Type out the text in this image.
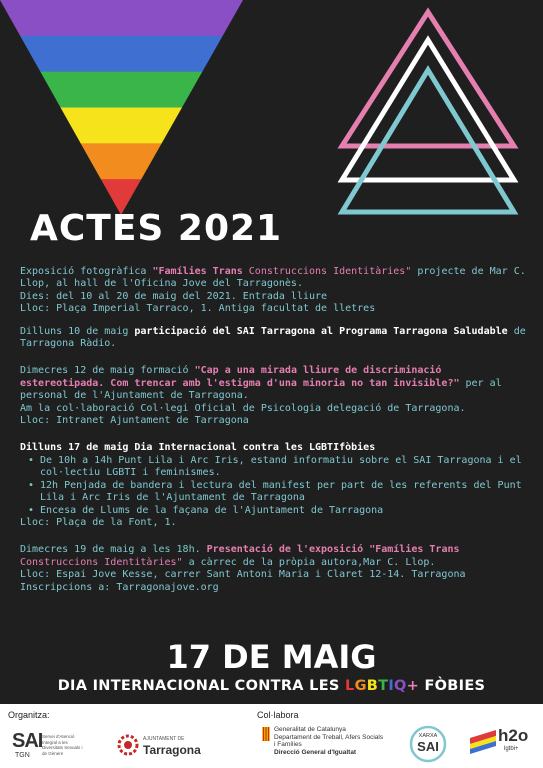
ACTES 2021

Exposició fotogràfica "Famílies Trans Construccions Identitàries" projecte de Mar C. Llop, al hall de l'Oficina Jove del Tarragonès.

Dies: del 10 al 20 de maig del 2021. Entrada lliure

Lloc: Plaça Imperial Tarraco, 1. Antiga facultat de lletres

Dilluns 10 de maig participació del SAI Tarragona al Programa Tarragona Saludable de Tarragona Ràdio.

Dimecres 12 de maig formació "Cap a una mirada lliure de discriminació estereotipada. Com trencar amb l'estigma d'una minoria no tan invisible?" per al personal de l'Ajuntament de Tarragona.

Am la col·laboració Col·legi Oficial de Psicologia delegació de Tarragona.

Lloc: Intranet Ajuntament de Tarragona

Dilluns 17 de maig Dia Internacional contra les LGBTIfòbies

• De 10h a 14h Punt Lila i Arc Iris, estand informatiu sobre el SAI Tarragona i el col·lectiu LGBTI i feminismes.
• 12h Penjada de bandera i lectura del manifest per part de les referents del Punt Lila i Arc Iris de l'Ajuntament de Tarragona
• Encesa de Llums de la façana de l'Ajuntament de Tarragona

Lloc: Plaça de la Font, 1.

Dimecres 19 de maig a les 18h. Presentació de l'exposició "Famílies Trans Construccions Identitàries" a càrrec de la pròpia autora,Mar C. Llop.

Lloc: Espai Jove Kesse, carrer Sant Antoni Maria i Claret 12-14. Tarragona

Inscripcions a: Tarragonajove.org

17 DE MAIG
DIA INTERNACIONAL CONTRA LES LGBTIQ+ FÒBIES
Organitza:	Col·labora
SAI
TGN
Servei d'Atenció Integral a les Diversitats Sexuals i de Gènere
AJUNTAMENT DE
Tarragona
Generalitat de Catalunya
Departament de Treball, Afers Socials
i Famílies
Direcció General d'Igualtat
XARXA
SAI
h2o
lgtbi+
